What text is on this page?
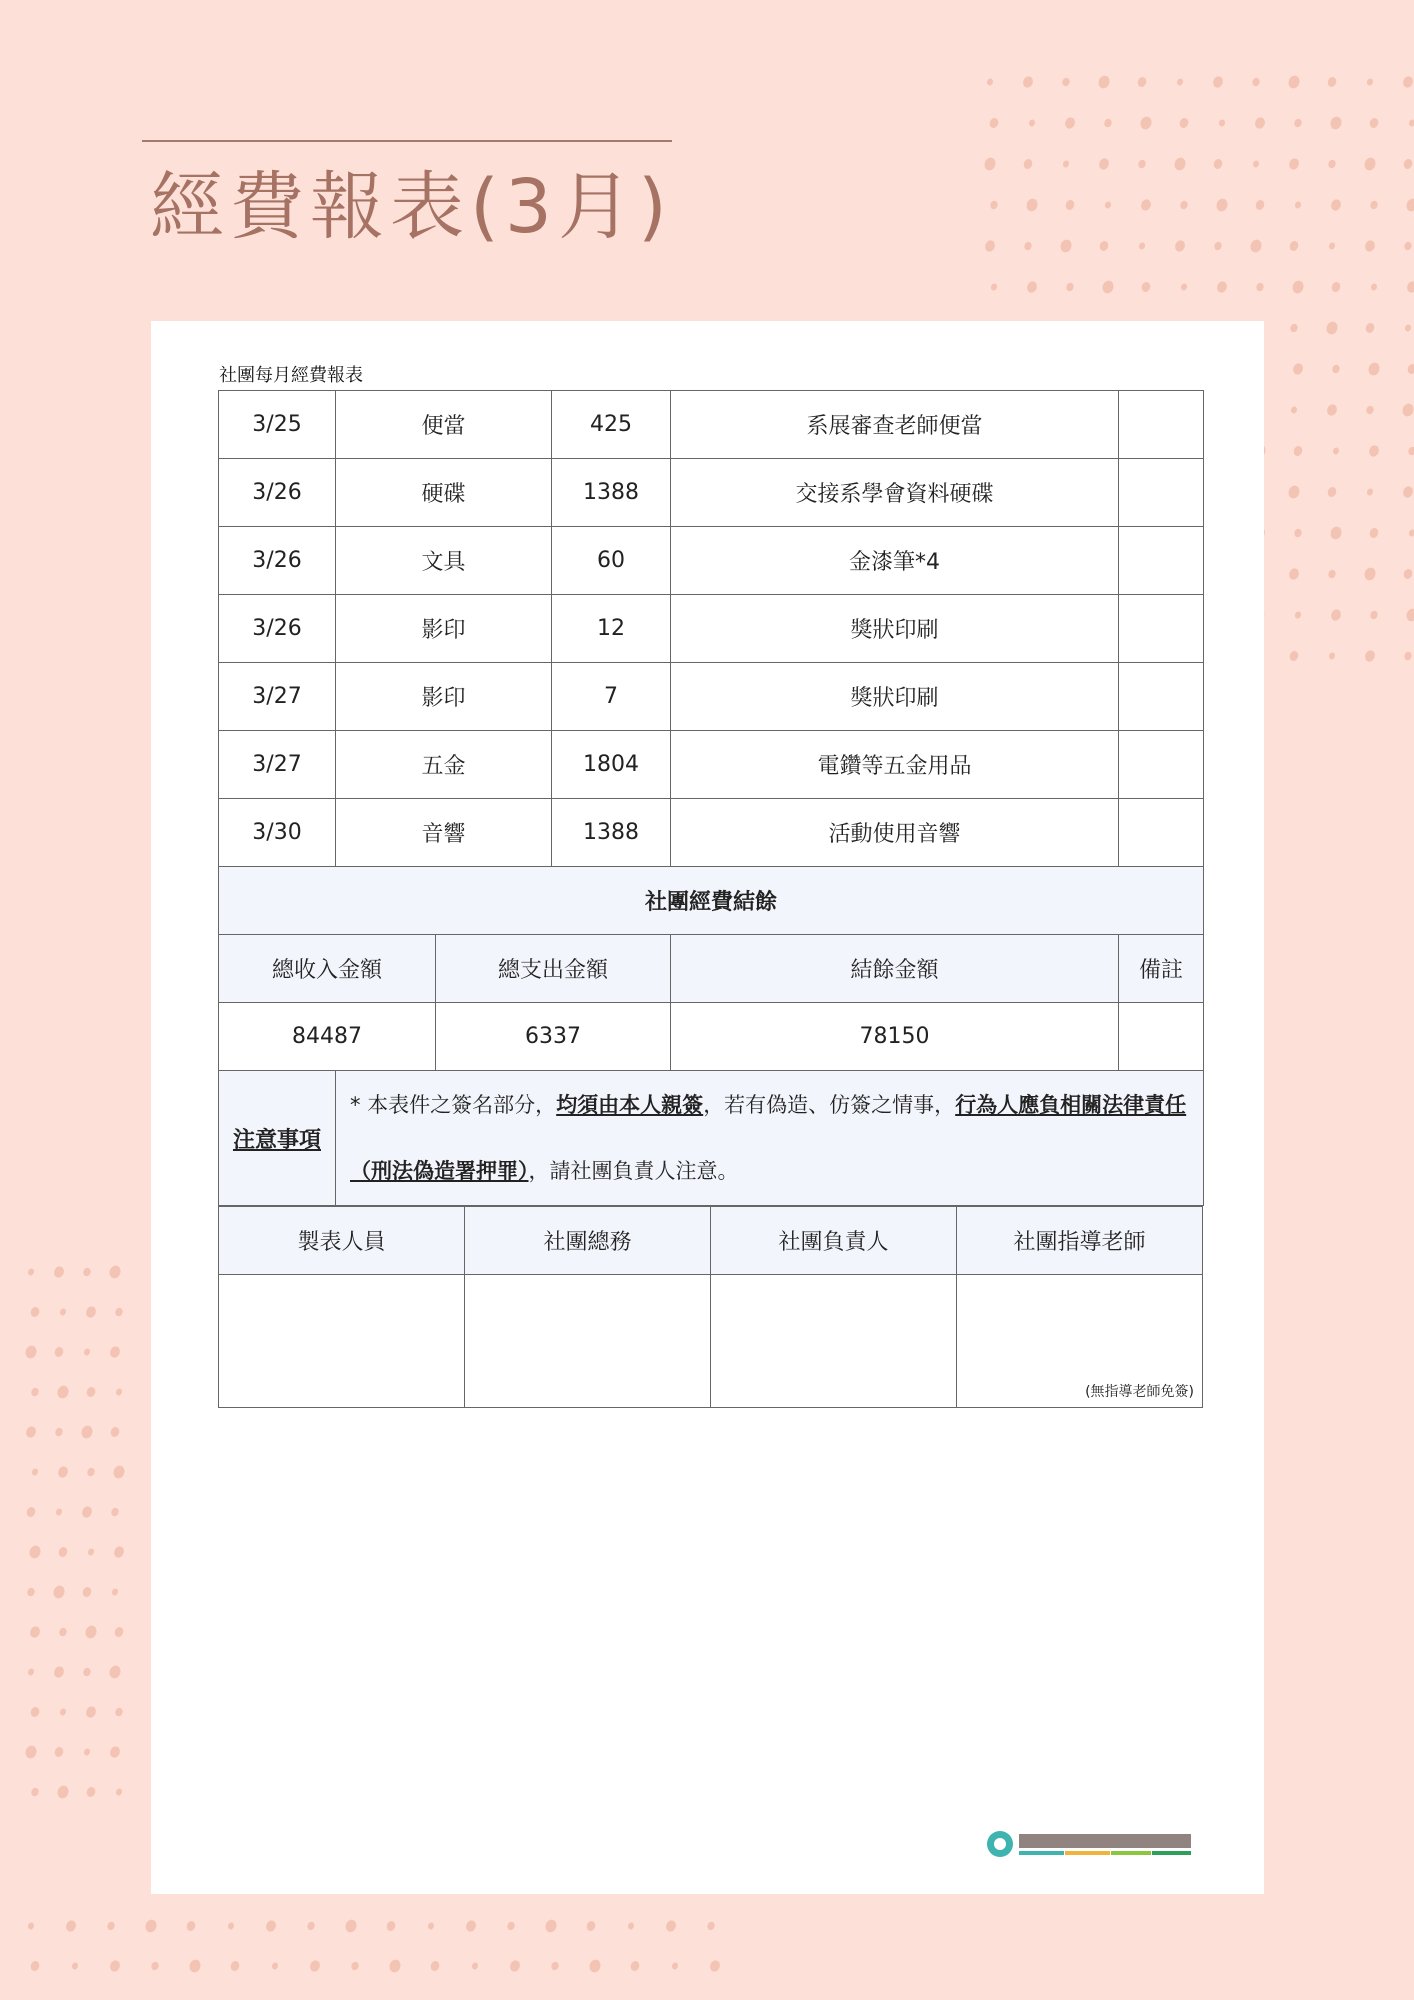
經費報表(3月)
社團每月經費報表
3/25	便當		425	系展審查老師便當	
3/26	硬碟		1388	交接系學會資料硬碟	
3/26	文具		60	金漆筆*4	
3/26	影印		12	獎狀印刷	
3/27	影印		7	獎狀印刷	
3/27	五金		1804	電鑽等五金用品	
3/30	音響		1388	活動使用音響	
社團經費結餘					
總收入金額		總支出金額		結餘金額	備註
84487		6337		78150	
注意事項	* 本表件之簽名部分，均須由本人親簽，若有偽造、仿簽之情事，行為人應負相關法律責任（刑法偽造署押罪），請社團負責人注意。				
製表人員	社團總務	社團負責人	社團指導老師

			(無指導老師免簽)
